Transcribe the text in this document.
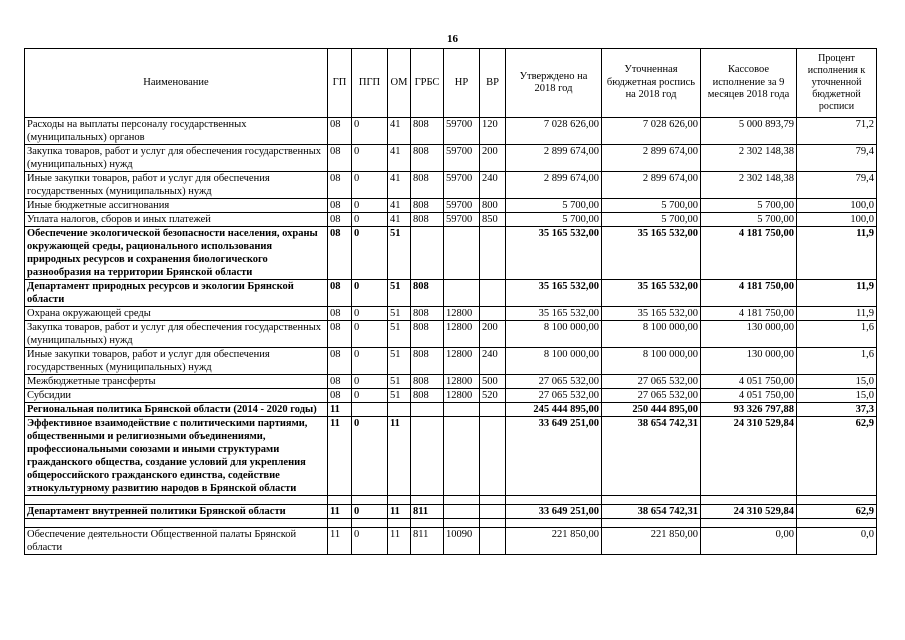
16
Наименование	ГП	ПГП	ОМ	ГРБС	НР	ВР	Утверждено на 2018 год	Уточненная бюджетная роспись на 2018 год	Кассовое исполнение за 9 месяцев 2018 года	Процент исполнения к уточненной бюджетной росписи
Расходы на выплаты персоналу государственных (муниципальных) органов	08	0	41	808	59700	120	7 028 626,00	7 028 626,00	5 000 893,79	71,2
Закупка товаров, работ и услуг для обеспечения государственных (муниципальных) нужд	08	0	41	808	59700	200	2 899 674,00	2 899 674,00	2 302 148,38	79,4
Иные закупки товаров, работ и услуг для обеспечения государственных (муниципальных) нужд	08	0	41	808	59700	240	2 899 674,00	2 899 674,00	2 302 148,38	79,4
Иные бюджетные ассигнования	08	0	41	808	59700	800	5 700,00	5 700,00	5 700,00	100,0
Уплата налогов, сборов и иных платежей	08	0	41	808	59700	850	5 700,00	5 700,00	5 700,00	100,0
Обеспечение экологической безопасности населения, охраны окружающей среды, рационального использования природных ресурсов и сохранения биологического разнообразия на территории Брянской области	08	0	51				35 165 532,00	35 165 532,00	4 181 750,00	11,9
Департамент природных ресурсов и экологии Брянской области	08	0	51	808			35 165 532,00	35 165 532,00	4 181 750,00	11,9
Охрана окружающей среды	08	0	51	808	12800		35 165 532,00	35 165 532,00	4 181 750,00	11,9
Закупка товаров, работ и услуг для обеспечения государственных (муниципальных) нужд	08	0	51	808	12800	200	8 100 000,00	8 100 000,00	130 000,00	1,6
Иные закупки товаров, работ и услуг для обеспечения государственных (муниципальных) нужд	08	0	51	808	12800	240	8 100 000,00	8 100 000,00	130 000,00	1,6
Межбюджетные трансферты	08	0	51	808	12800	500	27 065 532,00	27 065 532,00	4 051 750,00	15,0
Субсидии	08	0	51	808	12800	520	27 065 532,00	27 065 532,00	4 051 750,00	15,0
Региональная политика Брянской области (2014 - 2020 годы)	11						245 444 895,00	250 444 895,00	93 326 797,88	37,3
Эффективное взаимодействие с политическими партиями, общественными и религиозными объединениями, профессиональными союзами и иными структурами гражданского общества, создание условий для укрепления общероссийского гражданского единства, содействие этнокультурному развитию народов в Брянской области	11	0	11				33 649 251,00	38 654 742,31	24 310 529,84	62,9

Департамент внутренней политики Брянской области	11	0	11	811			33 649 251,00	38 654 742,31	24 310 529,84	62,9

Обеспечение деятельности Общественной палаты Брянской области	11	0	11	811	10090		221 850,00	221 850,00	0,00	0,0
